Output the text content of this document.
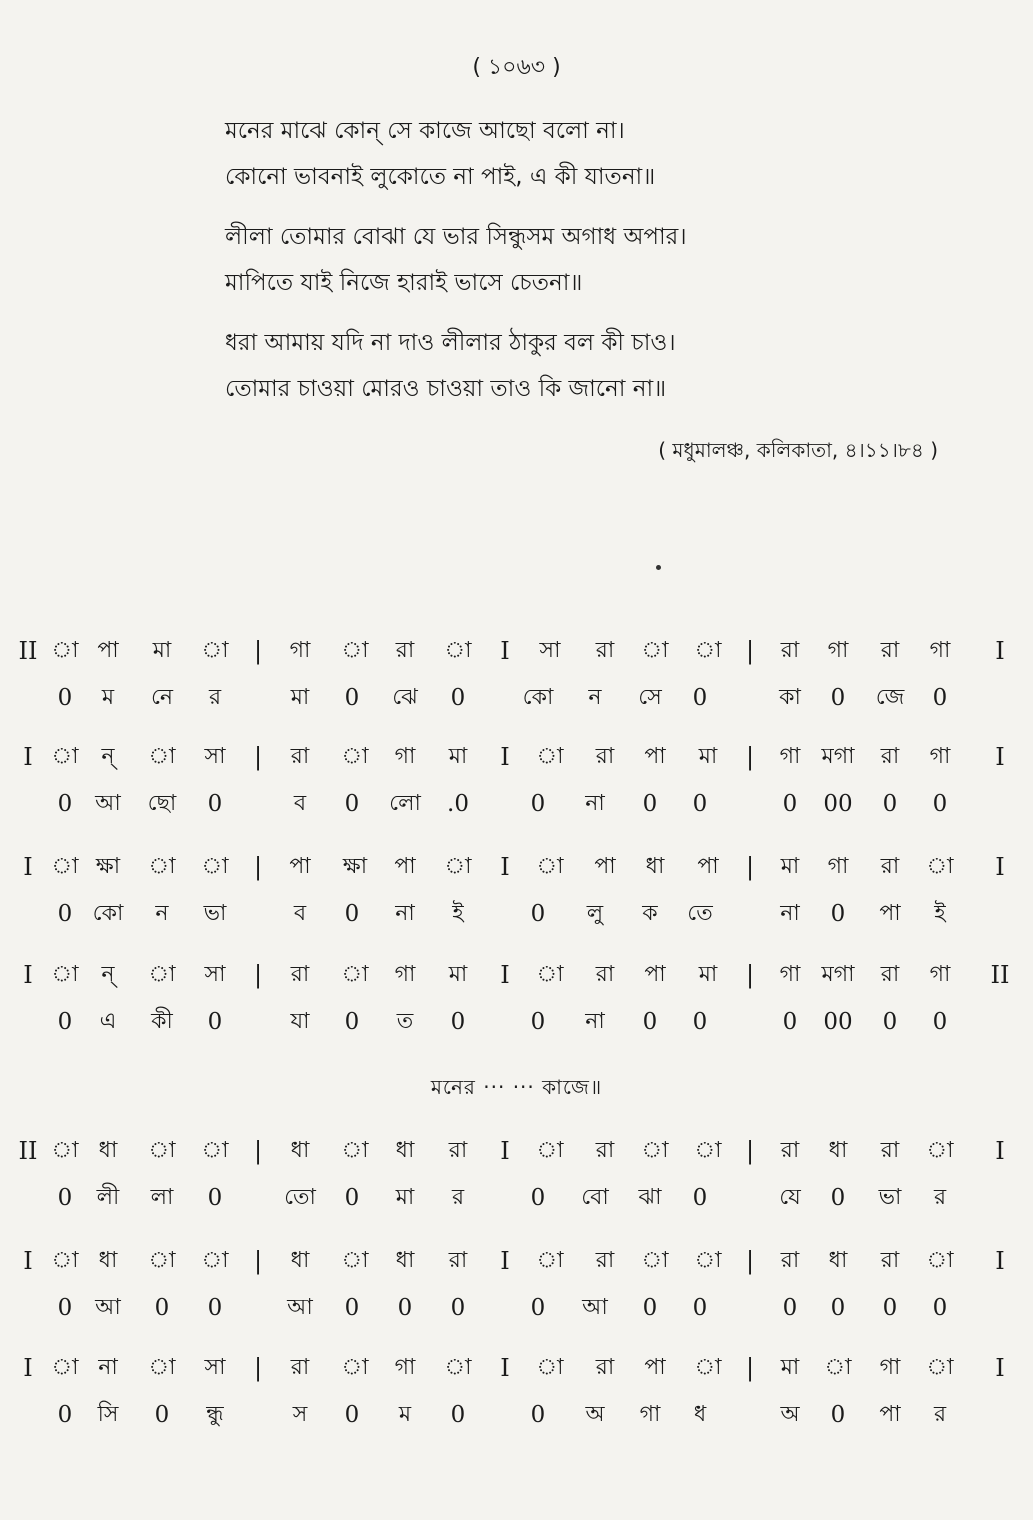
( ১০৬৩ )
মনের মাঝে কোন্ সে কাজে আছো বলো না।
কোনো ভাবনাই লুকোতে না পাই, এ কী যাতনা॥
লীলা তোমার বোঝা যে ভার সিন্ধুসম অগাধ অপার।
মাপিতে যাই নিজে হারাই ভাসে চেতনা॥
ধরা আমায় যদি না দাও লীলার ঠাকুর বল কী চাও।
তোমার চাওয়া মোরও চাওয়া তাও কি জানো না॥
( মধুমালঞ্চ, কলিকাতা, ৪।১১।৮৪ )
II া পা মা া | গা া রা া I সা রা া া | রা গা রা গা I
0 ম নে র	মা 0 ঝে 0	কো ন সে 0	কা 0 জে 0
I া ন্ া সা | রা া গা মা I া রা পা মা | গা মগা রা গা I
0 আ ছো 0	ব 0 লো .0	0 না 0 0	0 00 0 0
I া ক্ষা া া | পা ক্ষা পা া I া পা ধা পা | মা গা রা া I
0 কো ন ভা	ব 0 না ই	0 লু ক তে	না 0 পা ই
I া ন্ া সা | রা া গা মা I া রা পা মা | গা মগা রা গা II
0 এ কী 0	যা 0 ত 0	0 না 0 0	0 00 0 0
II া ধা া া | ধা া ধা রা I া রা া া | রা ধা রা া I
0 লী লা 0	তো 0 মা র	0 বো ঝা 0	যে 0 ভা র
I া ধা া া | ধা া ধা রা I া রা া া | রা ধা রা া I
0 আ 0 0	আ 0 0 0	0 আ 0 0	0 0 0 0
I া না া সা | রা া গা া I া রা পা া | মা া গা া I
0 সি 0 ন্ধু	স 0 ম 0	0 অ গা ধ	অ 0 পা র
মনের ··· ··· কাজে॥
